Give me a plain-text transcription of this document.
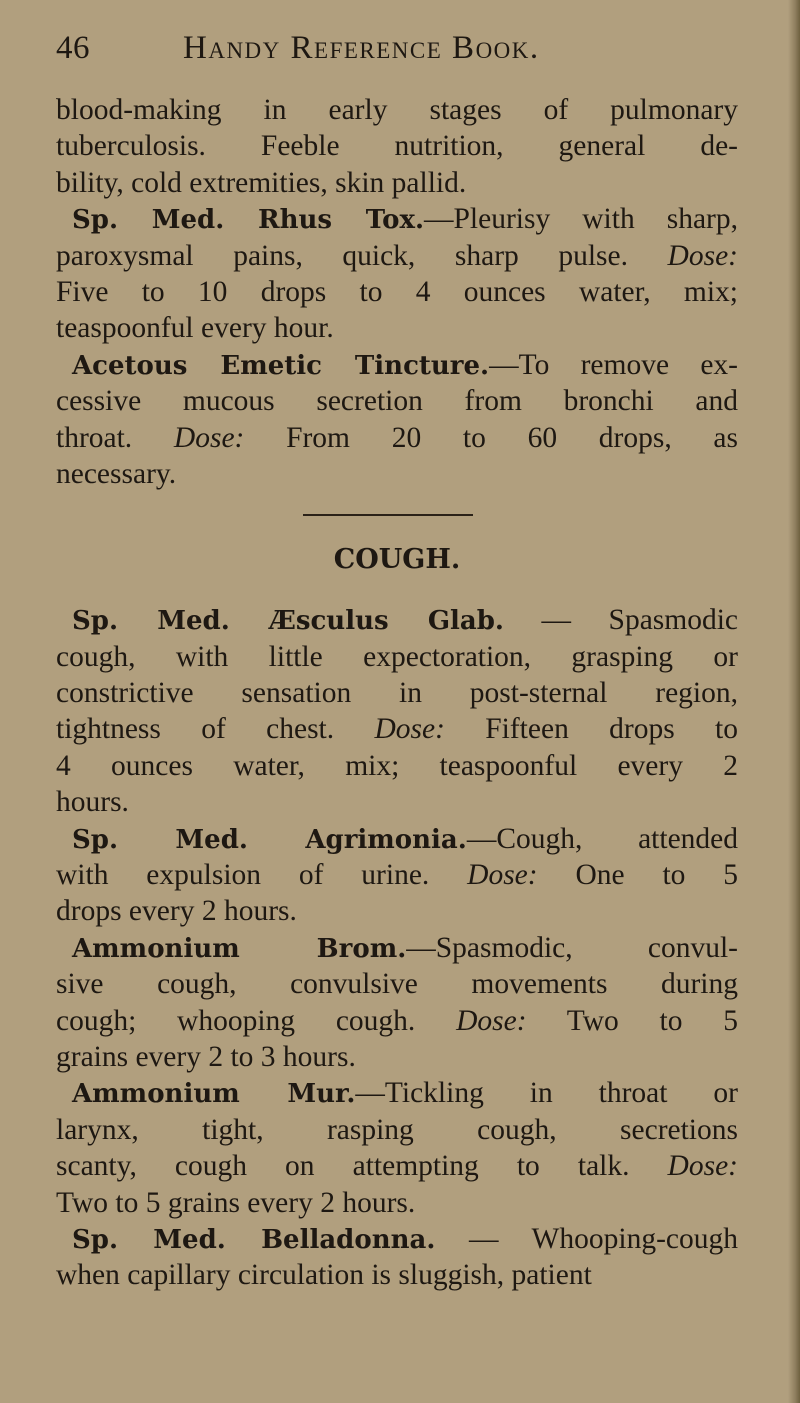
46	Handy Reference Book.
blood-making in early stages of pulmonary
tuberculosis. Feeble nutrition, general de-
bility, cold extremities, skin pallid.
Sp. Med. Rhus Tox.—Pleurisy with sharp,
paroxysmal pains, quick, sharp pulse. Dose:
Five to 10 drops to 4 ounces water, mix;
teaspoonful every hour.
Acetous Emetic Tincture.—To remove ex-
cessive mucous secretion from bronchi and
throat. Dose: From 20 to 60 drops, as
necessary.
COUGH.
Sp. Med. Æsculus Glab. — Spasmodic
cough, with little expectoration, grasping or
constrictive sensation in post-sternal region,
tightness of chest. Dose: Fifteen drops to
4 ounces water, mix; teaspoonful every 2
hours.
Sp. Med. Agrimonia.—Cough, attended
with expulsion of urine. Dose: One to 5
drops every 2 hours.
Ammonium Brom.—Spasmodic, convul-
sive cough, convulsive movements during
cough; whooping cough. Dose: Two to 5
grains every 2 to 3 hours.
Ammonium Mur.—Tickling in throat or
larynx, tight, rasping cough, secretions
scanty, cough on attempting to talk. Dose:
Two to 5 grains every 2 hours.
Sp. Med. Belladonna. — Whooping-cough
when capillary circulation is sluggish, patient
